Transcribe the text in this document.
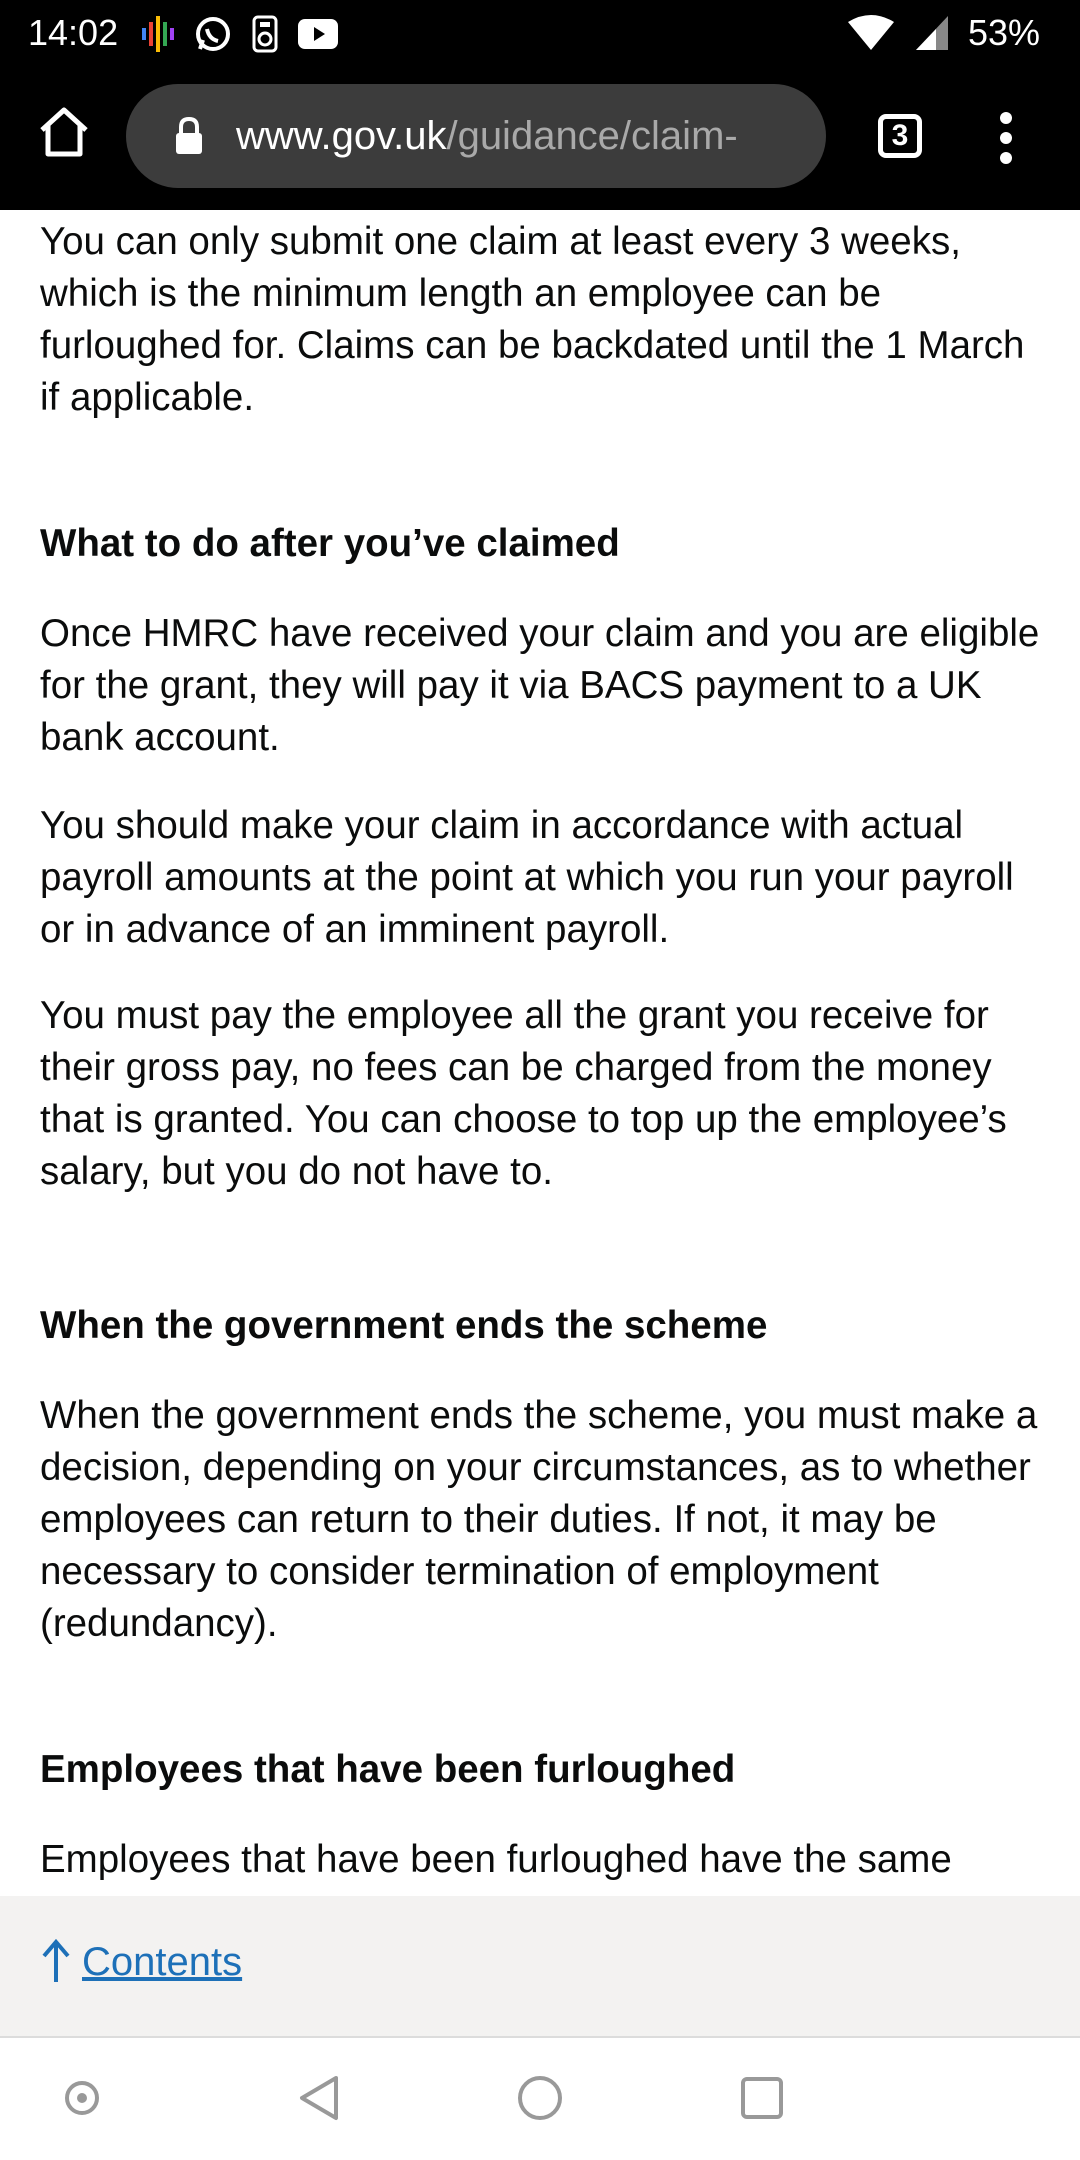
14:02	53%
www.gov.uk/guidance/claim-	3

You can only submit one claim at least every 3 weeks, which is the minimum length an employee can be furloughed for. Claims can be backdated until the 1 March if applicable.

What to do after you’ve claimed

Once HMRC have received your claim and you are eligible for the grant, they will pay it via BACS payment to a UK bank account.

You should make your claim in accordance with actual payroll amounts at the point at which you run your payroll or in advance of an imminent payroll.

You must pay the employee all the grant you receive for their gross pay, no fees can be charged from the money that is granted. You can choose to top up the employee’s salary, but you do not have to.

When the government ends the scheme

When the government ends the scheme, you must make a decision, depending on your circumstances, as to whether employees can return to their duties. If not, it may be necessary to consider termination of employment (redundancy).

Employees that have been furloughed

Employees that have been furloughed have the same

Contents
